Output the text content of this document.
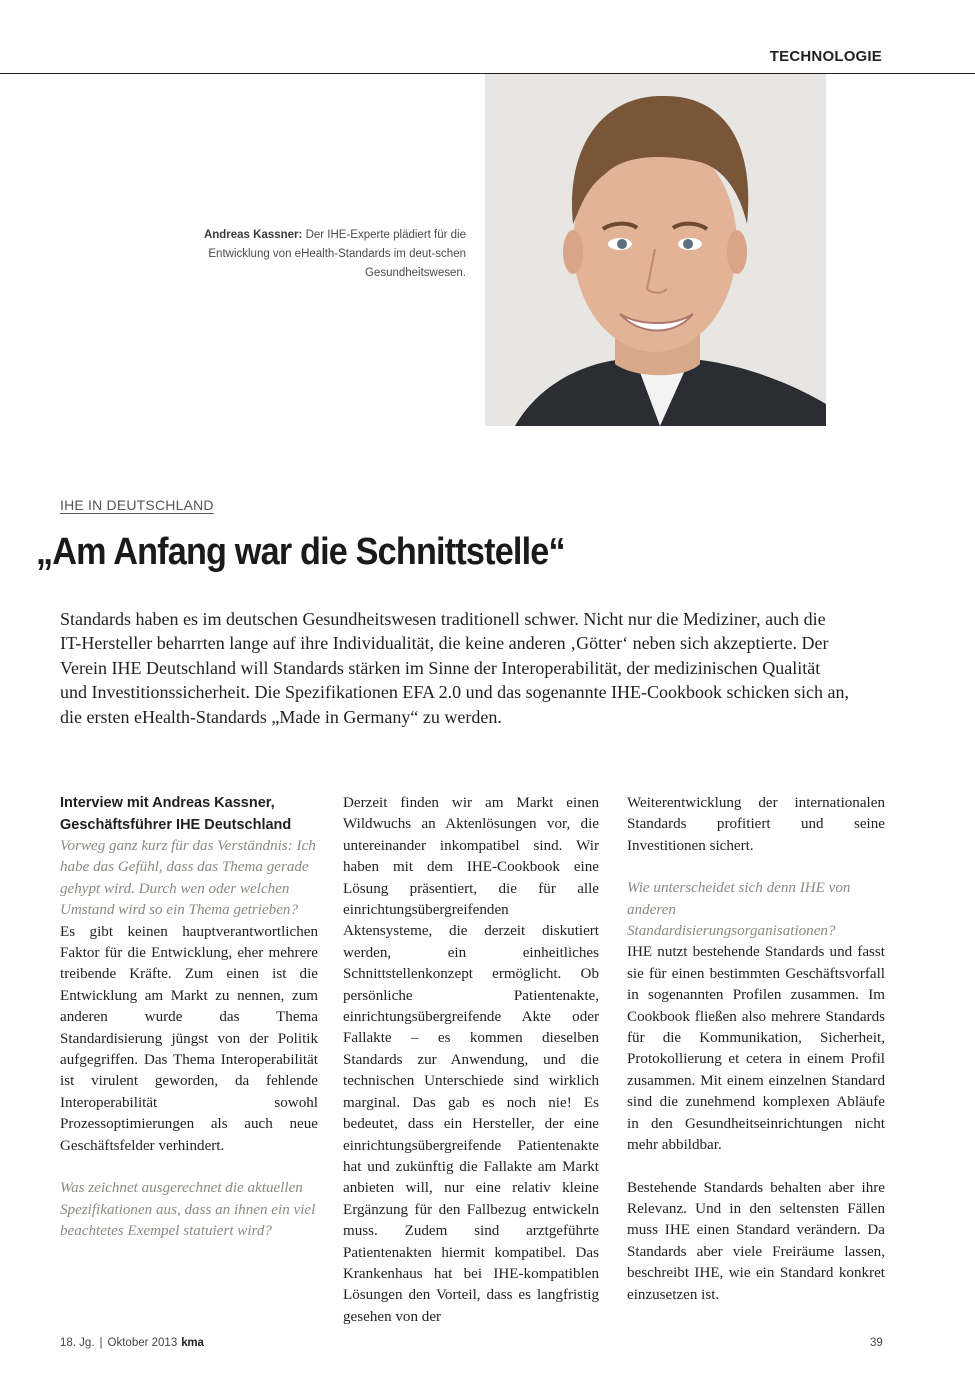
TECHNOLOGIE
Andreas Kassner: Der IHE-Experte plädiert für die Entwicklung von eHealth-Standards im deut-schen Gesundheitswesen.
IHE IN DEUTSCHLAND
„Am Anfang war die Schnittstelle“

Standards haben es im deutschen Gesundheitswesen traditionell schwer. Nicht nur die Mediziner, auch die IT-Hersteller beharrten lange auf ihre Individualität, die keine anderen ‚Götter‘ neben sich akzeptierte. Der Verein IHE Deutschland will Standards stärken im Sinne der Interoperabilität, der medizinischen Qualität und Investitionssicherheit. Die Spezifikationen EFA 2.0 und das sogenannte IHE-Cookbook schicken sich an, die ersten eHealth-Standards „Made in Germany“ zu werden.

Interview mit Andreas Kassner, Geschäftsführer IHE Deutschland

Vorweg ganz kurz für das Verständnis: Ich habe das Gefühl, dass das Thema gerade gehypt wird. Durch wen oder welchen Umstand wird so ein Thema getrieben?

Es gibt keinen hauptverantwortlichen Faktor für die Entwicklung, eher mehrere treibende Kräfte. Zum einen ist die Entwicklung am Markt zu nennen, zum anderen wurde das Thema Standardisierung jüngst von der Politik aufgegriffen. Das Thema Interoperabilität ist virulent geworden, da fehlende Interoperabilität sowohl Prozessoptimierungen als auch neue Geschäftsfelder verhindert.

Was zeichnet ausgerechnet die aktuellen Spezifikationen aus, dass an ihnen ein viel beachtetes Exempel statuiert wird?

Derzeit finden wir am Markt einen Wildwuchs an Aktenlösungen vor, die untereinander inkompatibel sind. Wir haben mit dem IHE-Cookbook eine Lösung präsentiert, die für alle einrichtungsübergreifenden Aktensysteme, die derzeit diskutiert werden, ein einheitliches Schnittstellenkonzept ermöglicht. Ob persönliche Patientenakte, einrichtungsübergreifende Akte oder Fallakte – es kommen dieselben Standards zur Anwendung, und die technischen Unterschiede sind wirklich marginal. Das gab es noch nie! Es bedeutet, dass ein Hersteller, der eine einrichtungsübergreifende Patientenakte hat und zukünftig die Fallakte am Markt anbieten will, nur eine relativ kleine Ergänzung für den Fallbezug entwickeln muss. Zudem sind arztgeführte Patientenakten hiermit kompatibel. Das Krankenhaus hat bei IHE-kompatiblen Lösungen den Vorteil, dass es langfristig gesehen von der

Weiterentwicklung der internationalen Standards profitiert und seine Investitionen sichert.

Wie unterscheidet sich denn IHE von anderen Standardisierungsorganisationen?

IHE nutzt bestehende Standards und fasst sie für einen bestimmten Geschäftsvorfall in sogenannten Profilen zusammen. Im Cookbook fließen also mehrere Standards für die Kommunikation, Sicherheit, Protokollierung et cetera in einem Profil zusammen. Mit einem einzelnen Standard sind die zunehmend komplexen Abläufe in den Gesundheitseinrichtungen nicht mehr abbildbar.

Bestehende Standards behalten aber ihre Relevanz. Und in den seltensten Fällen muss IHE einen Standard verändern. Da Standards aber viele Freiräume lassen, beschreibt IHE, wie ein Standard konkret einzusetzen ist.

18. Jg. | Oktober 2013 kma	39
